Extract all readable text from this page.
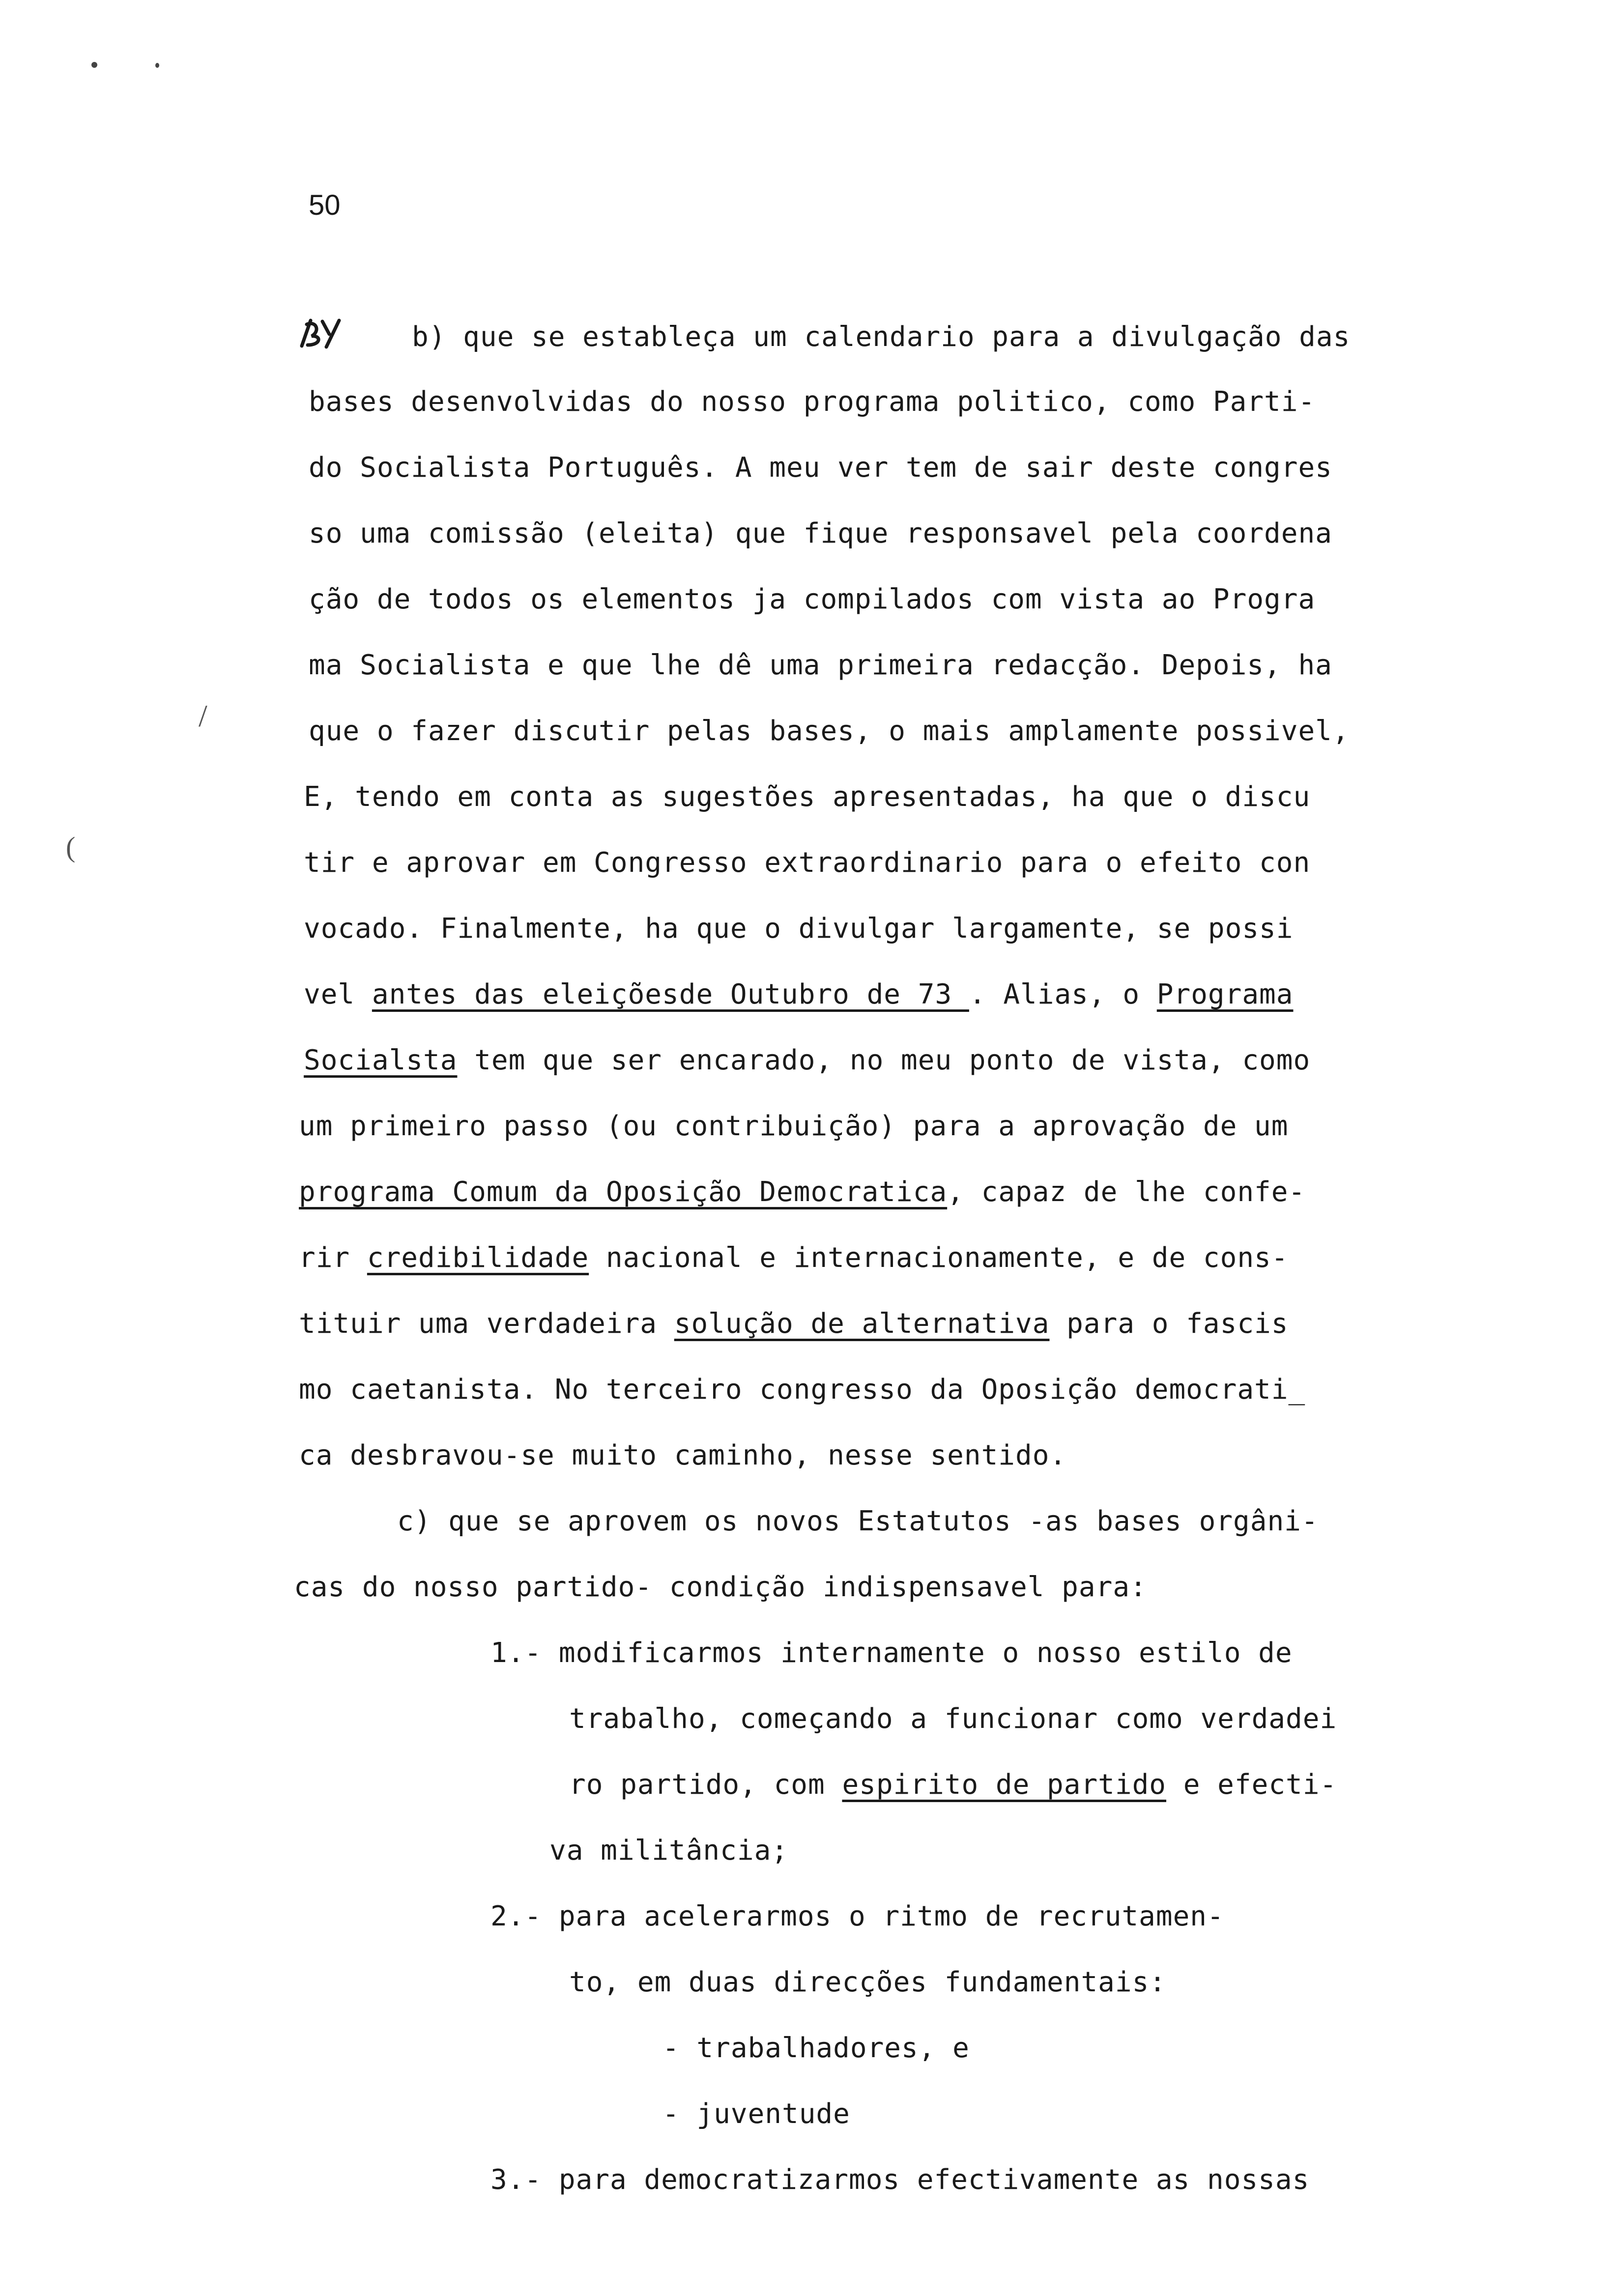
50
/
(
b) que se estableça um calendario para a divulgação das
bases desenvolvidas do nosso programa politico, como Parti-
do Socialista Português. A meu ver tem de sair deste congres
so uma comissão (eleita) que fique responsavel pela coordena
ção de todos os elementos ja compilados com vista ao Progra
ma Socialista e que lhe dê uma primeira redacção. Depois, ha
que o fazer discutir pelas bases, o mais amplamente possivel,
E, tendo em conta as sugestões apresentadas, ha que o discu
tir e aprovar em Congresso extraordinario para o efeito con
vocado. Finalmente, ha que o divulgar largamente, se possi
vel antes das eleiçõesde Outubro de 73 . Alias, o Programa
Socialsta tem que ser encarado, no meu ponto de vista, como
um primeiro passo (ou contribuição) para a aprovação de um
programa Comum da Oposição Democratica, capaz de lhe confe-
rir credibilidade nacional e internacionamente, e de cons-
tituir uma verdadeira solução de alternativa para o fascis
mo caetanista. No terceiro congresso da Oposição democrati_
ca desbravou-se muito caminho, nesse sentido.
c) que se aprovem os novos Estatutos -as bases orgâni-
cas do nosso partido- condição indispensavel para:
1.- modificarmos internamente o nosso estilo de
trabalho, começando a funcionar como verdadei
ro partido, com espirito de partido e efecti-
va militância;
2.- para acelerarmos o ritmo de recrutamen-
to, em duas direcções fundamentais:
- trabalhadores, e
- juventude
3.- para democratizarmos efectivamente as nossas
